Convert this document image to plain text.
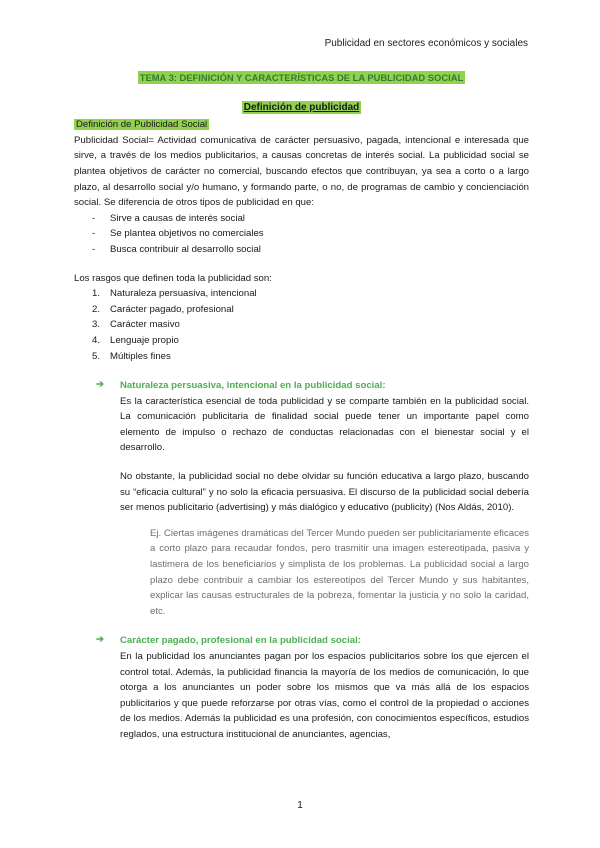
Publicidad en sectores económicos y sociales
TEMA 3: DEFINICIÓN Y CARACTERÍSTICAS DE LA PUBLICIDAD SOCIAL
Definición de publicidad
Definición de Publicidad Social

Publicidad Social= Actividad comunicativa de carácter persuasivo, pagada, intencional e interesada que sirve, a través de los medios publicitarios, a causas concretas de interés social. La publicidad social se plantea objetivos de carácter no comercial, buscando efectos que contribuyan, ya sea a corto o a largo plazo, al desarrollo social y/o humano, y formando parte, o no, de programas de cambio y concienciación social. Se diferencia de otros tipos de publicidad en que:

- Sirve a causas de interés social
- Se plantea objetivos no comerciales
- Busca contribuir al desarrollo social

Los rasgos que definen toda la publicidad son:

1. Naturaleza persuasiva, intencional
2. Carácter pagado, profesional
3. Carácter masivo
4. Lenguaje propio
5. Múltiples fines
➔ Naturaleza persuasiva, intencional en la publicidad social:

Es la característica esencial de toda publicidad y se comparte también en la publicidad social. La comunicación publicitaria de finalidad social puede tener un importante papel como elemento de impulso o rechazo de conductas relacionadas con el bienestar social y el desarrollo.

No obstante, la publicidad social no debe olvidar su función educativa a largo plazo, buscando su “eficacia cultural” y no solo la eficacia persuasiva. El discurso de la publicidad social debería ser menos publicitario (advertising) y más dialógico y educativo (publicity) (Nos Aldás, 2010).

Ej. Ciertas imágenes dramáticas del Tercer Mundo pueden ser publicitariamente eficaces a corto plazo para recaudar fondos, pero trasmitir una imagen estereotipada, pasiva y lastimera de los beneficiarios y simplista de los problemas. La publicidad social a largo plazo debe contribuir a cambiar los estereotipos del Tercer Mundo y sus habitantes, explicar las causas estructurales de la pobreza, fomentar la justicia y no solo la caridad, etc.

➔ Carácter pagado, profesional en la publicidad social:

En la publicidad los anunciantes pagan por los espacios publicitarios sobre los que ejercen el control total. Además, la publicidad financia la mayoría de los medios de comunicación, lo que otorga a los anunciantes un poder sobre los mismos que va más allá de los espacios publicitarios y que puede reforzarse por otras vías, como el control de la propiedad o acciones de los medios. Además la publicidad es una profesión, con conocimientos específicos, estudios reglados, una estructura institucional de anunciantes, agencias,

1
